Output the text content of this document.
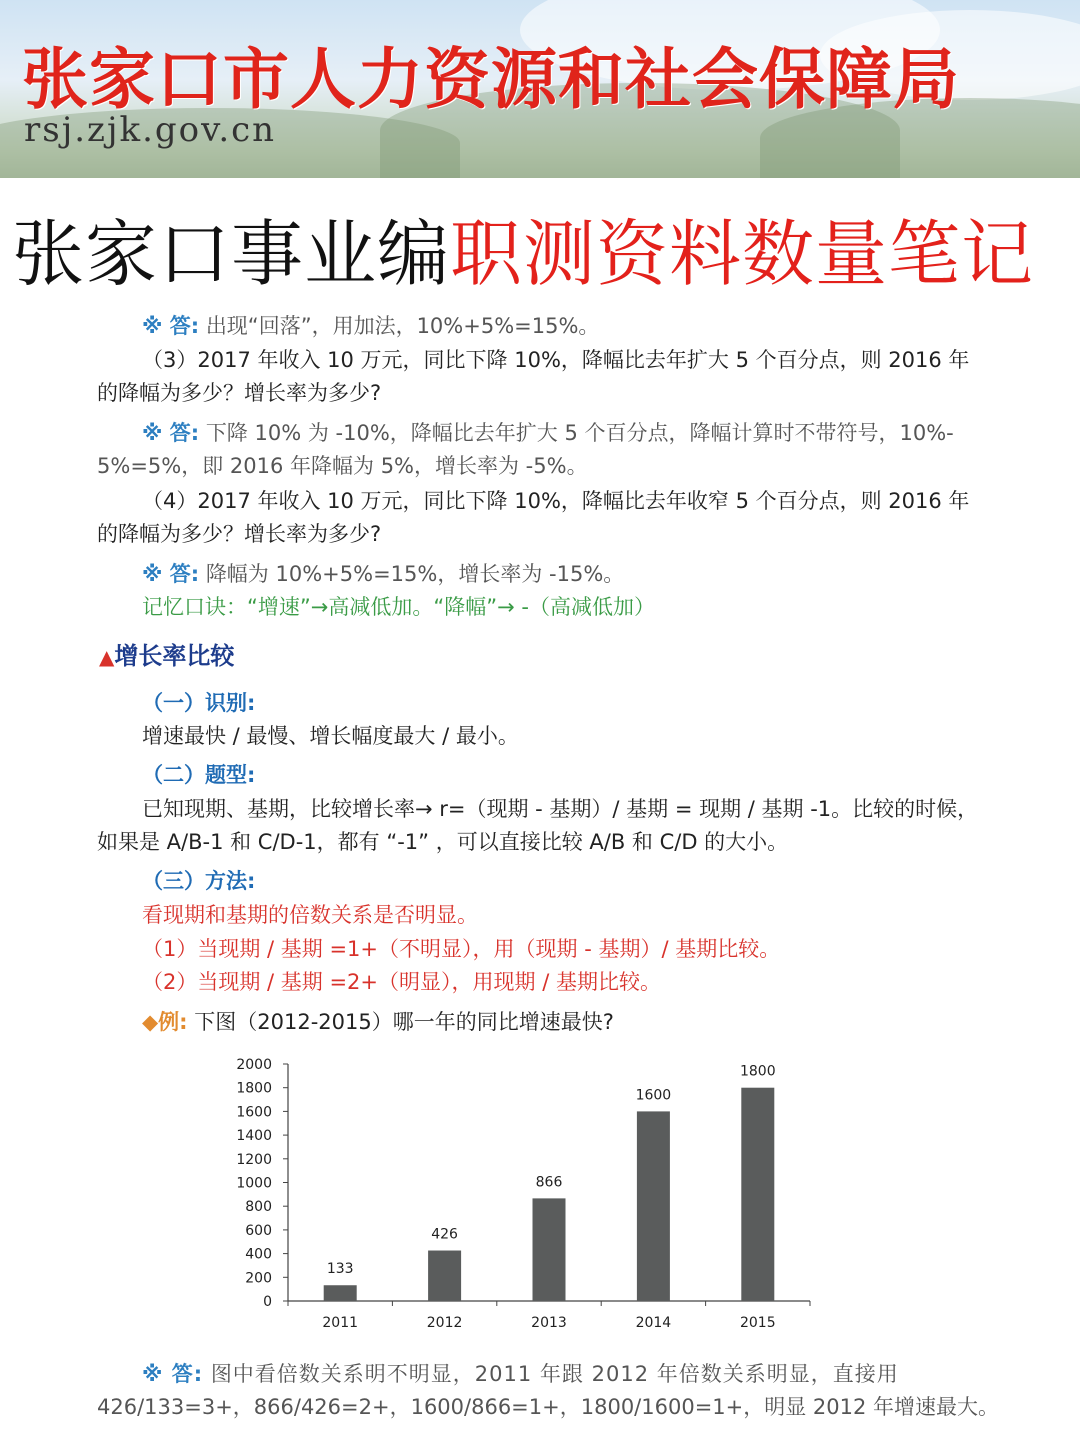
张家口市人力资源和社会保障局
rsj.zjk.gov.cn
张家口事业编职测资料数量笔记
※ 答: 出现“回落”，用加法，10%+5%=15%。
（3）2017 年收入 10 万元，同比下降 10%，降幅比去年扩大 5 个百分点，则 2016 年
的降幅为多少？增长率为多少?
※ 答: 下降 10% 为 -10%，降幅比去年扩大 5 个百分点，降幅计算时不带符号，10%-
5%=5%，即 2016 年降幅为 5%，增长率为 -5%。
（4）2017 年收入 10 万元，同比下降 10%，降幅比去年收窄 5 个百分点，则 2016 年
的降幅为多少？增长率为多少?
※ 答: 降幅为 10%+5%=15%，增长率为 -15%。
记忆口诀：“增速”→高减低加。“降幅”→ -（高减低加）
▲增长率比较
（一）识别:
增速最快 / 最慢、增长幅度最大 / 最小。
（二）题型:
已知现期、基期，比较增长率→ r=（现期 - 基期）/ 基期 = 现期 / 基期 -1。比较的时候，
如果是 A/B-1 和 C/D-1，都有 “-1” ，可以直接比较 A/B 和 C/D 的大小。
（三）方法:
看现期和基期的倍数关系是否明显。
（1）当现期 / 基期 =1+（不明显），用（现期 - 基期）/ 基期比较。
（2）当现期 / 基期 =2+（明显），用现期 / 基期比较。
◆例: 下图（2012-2015）哪一年的同比增速最快?
0
200
400
600
800
1000
1200
1400
1600
1800
2000
133
2011
426
2012
866
2013
1600
2014
1800
2015
※ 答: 图中看倍数关系明不明显，2011 年跟 2012 年倍数关系明显，直接用
426/133=3+，866/426=2+，1600/866=1+，1800/1600=1+，明显 2012 年增速最大。
